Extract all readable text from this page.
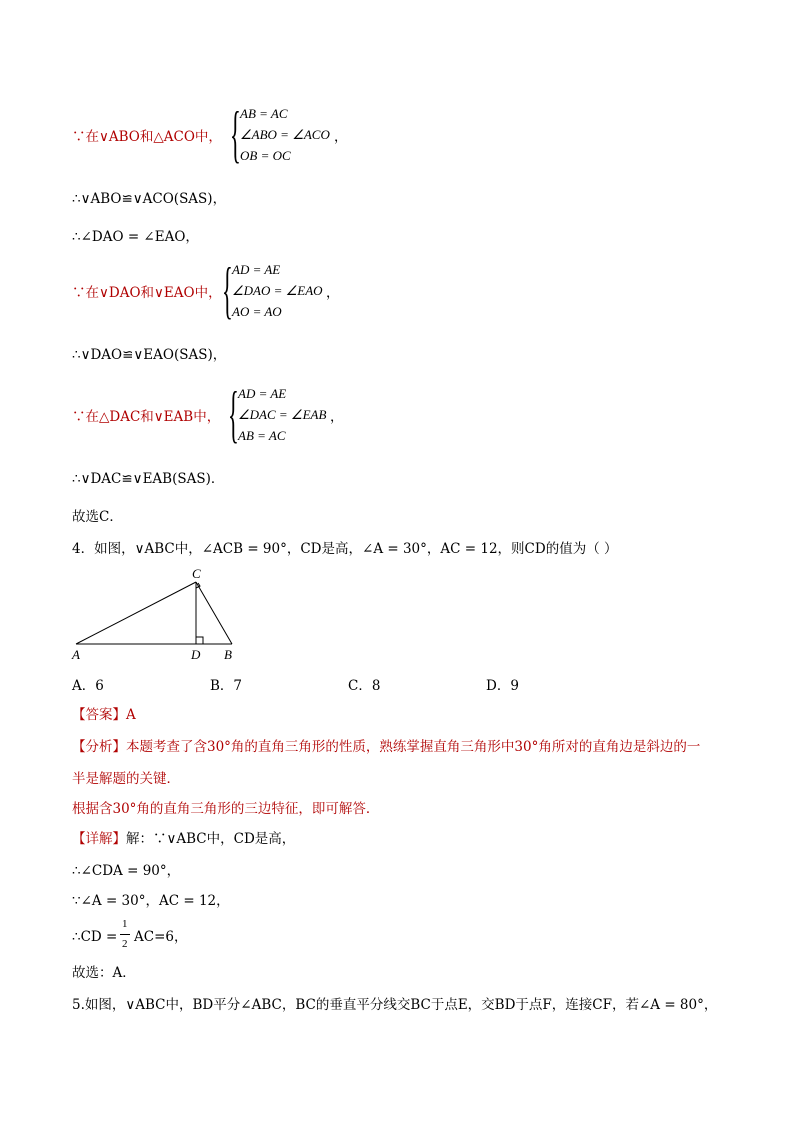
∵在∨ABO和△ACO中， { AB = AC
∠ABO = ∠ACO
OB = OC
，
∴∨ABO≌∨ACO(SAS)，
∴∠DAO = ∠EAO，
∵在∨DAO和∨EAO中， { AD = AE
∠DAO = ∠EAO
AO = AO
，
∴∨DAO≌∨EAO(SAS)，
∵在△DAC和∨EAB中， { AD = AE
∠DAC = ∠EAB
AB = AC
，
∴∨DAC≌∨EAB(SAS)．
故选C．
4．如图，∨ABC中，∠ACB = 90°，CD是高，∠A = 30°，AC = 12，则CD的值为（ ）
C
A	D B
A．6	B．7	C．8	D．9
【答案】A
【分析】本题考查了含30°角的直角三角形的性质，熟练掌握直角三角形中30°角所对的直角边是斜边的一
半是解题的关键．
根据含30°角的直角三角形的三边特征，即可解答．
【详解】解：∵∨ABC中，CD是高，
∴∠CDA = 90°，
∵∠A = 30°，AC = 12，
∴CD =
1
2 AC=6，
故选：A．
5.如图，∨ABC中，BD平分∠ABC，BC的垂直平分线交BC于点E，交BD于点F，连接CF，若∠A = 80°，
